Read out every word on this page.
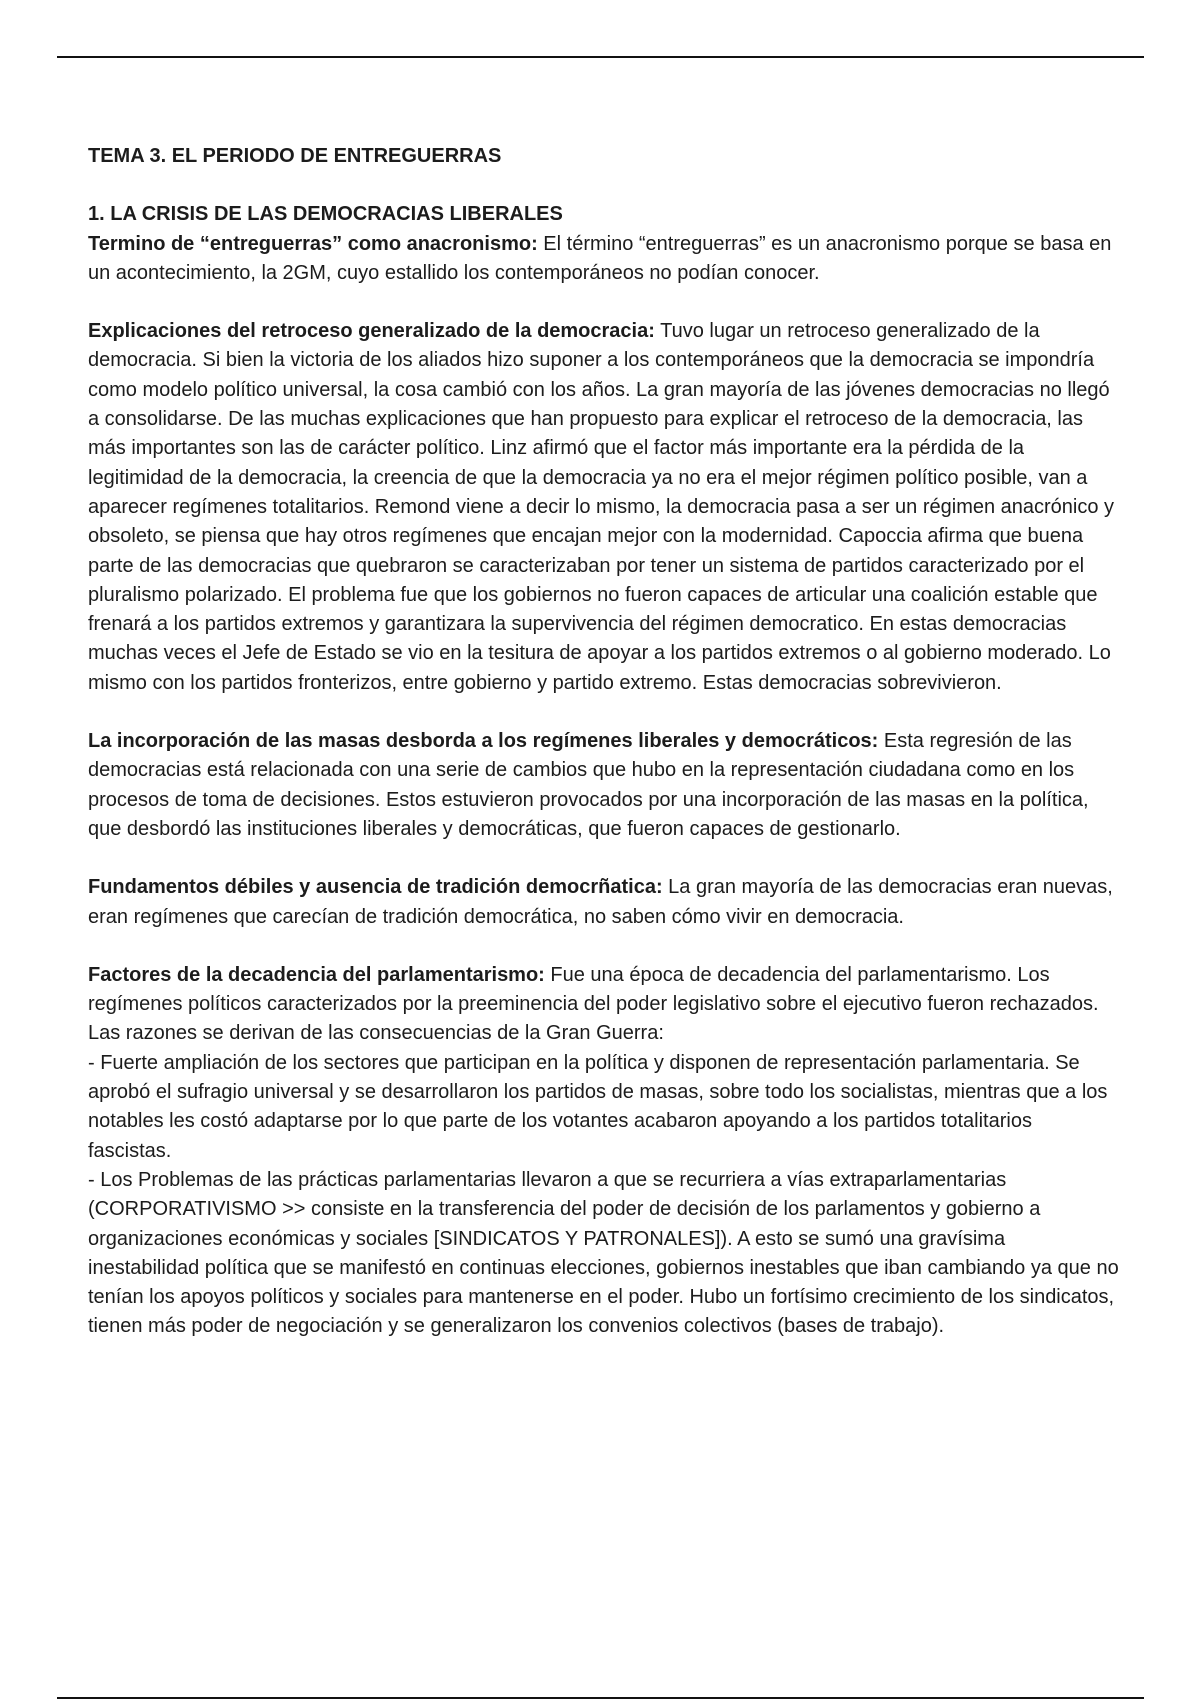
TEMA 3. EL PERIODO DE ENTREGUERRAS
1. LA CRISIS DE LAS DEMOCRACIAS LIBERALES

Termino de “entreguerras” como anacronismo: El término “entreguerras” es un anacronismo porque se basa en un acontecimiento, la 2GM, cuyo estallido los contemporáneos no podían conocer.

Explicaciones del retroceso generalizado de la democracia: Tuvo lugar un retroceso generalizado de la democracia. Si bien la victoria de los aliados hizo suponer a los contemporáneos que la democracia se impondría como modelo político universal, la cosa cambió con los años. La gran mayoría de las jóvenes democracias no llegó a consolidarse. De las muchas explicaciones que han propuesto para explicar el retroceso de la democracia, las más importantes son las de carácter político. Linz afirmó que el factor más importante era la pérdida de la legitimidad de la democracia, la creencia de que la democracia ya no era el mejor régimen político posible, van a aparecer regímenes totalitarios. Remond viene a decir lo mismo, la democracia pasa a ser un régimen anacrónico y obsoleto, se piensa que hay otros regímenes que encajan mejor con la modernidad. Capoccia afirma que buena parte de las democracias que quebraron se caracterizaban por tener un sistema de partidos caracterizado por el pluralismo polarizado. El problema fue que los gobiernos no fueron capaces de articular una coalición estable que frenará a los partidos extremos y garantizara la supervivencia del régimen democratico. En estas democracias muchas veces el Jefe de Estado se vio en la tesitura de apoyar a los partidos extremos o al gobierno moderado. Lo mismo con los partidos fronterizos, entre gobierno y partido extremo. Estas democracias sobrevivieron.

La incorporación de las masas desborda a los regímenes liberales y democráticos: Esta regresión de las democracias está relacionada con una serie de cambios que hubo en la representación ciudadana como en los procesos de toma de decisiones. Estos estuvieron provocados por una incorporación de las masas en la política, que desbordó las instituciones liberales y democráticas, que fueron capaces de gestionarlo.

Fundamentos débiles y ausencia de tradición democrñatica: La gran mayoría de las democracias eran nuevas, eran regímenes que carecían de tradición democrática, no saben cómo vivir en democracia.

Factores de la decadencia del parlamentarismo: Fue una época de decadencia del parlamentarismo. Los regímenes políticos caracterizados por la preeminencia del poder legislativo sobre el ejecutivo fueron rechazados. Las razones se derivan de las consecuencias de la Gran Guerra:

- Fuerte ampliación de los sectores que participan en la política y disponen de representación parlamentaria. Se aprobó el sufragio universal y se desarrollaron los partidos de masas, sobre todo los socialistas, mientras que a los notables les costó adaptarse por lo que parte de los votantes acabaron apoyando a los partidos totalitarios fascistas.

- Los Problemas de las prácticas parlamentarias llevaron a que se recurriera a vías extraparlamentarias (CORPORATIVISMO >> consiste en la transferencia del poder de decisión de los parlamentos y gobierno a organizaciones económicas y sociales [SINDICATOS Y PATRONALES]). A esto se sumó una gravísima inestabilidad política que se manifestó en continuas elecciones, gobiernos inestables que iban cambiando ya que no tenían los apoyos políticos y sociales para mantenerse en el poder. Hubo un fortísimo crecimiento de los sindicatos, tienen más poder de negociación y se generalizaron los convenios colectivos (bases de trabajo).
